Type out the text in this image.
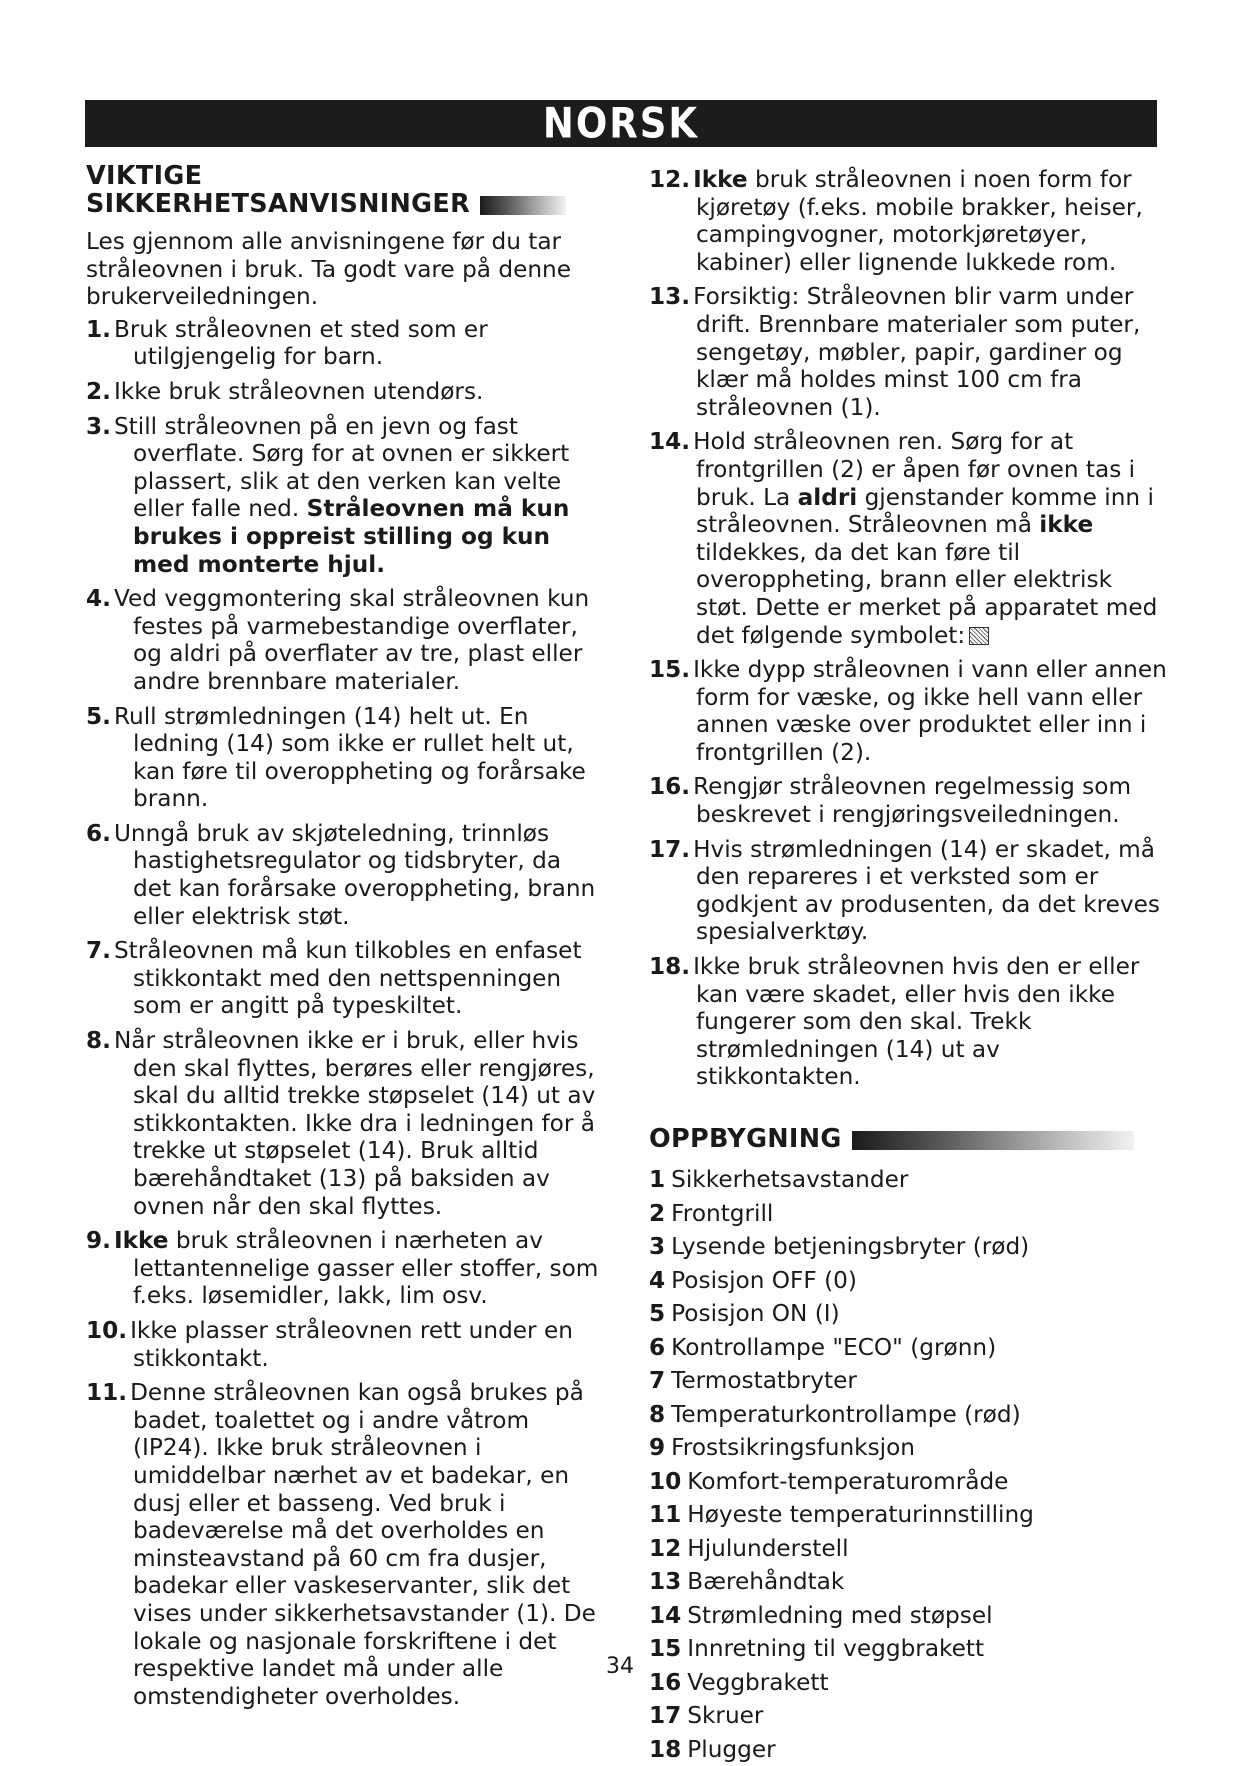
NORSK
VIKTIGE
SIKKERHETSANVISNINGER

Les gjennom alle anvisningene før du tar stråleovnen i bruk. Ta godt vare på denne brukerveiledningen.

1. Bruk stråleovnen et sted som er utilgjengelig for barn.
2. Ikke bruk stråleovnen utendørs.
3. Still stråleovnen på en jevn og fast overflate. Sørg for at ovnen er sikkert plassert, slik at den verken kan velte eller falle ned. Stråleovnen må kun brukes i oppreist stilling og kun med monterte hjul.
4. Ved veggmontering skal stråleovnen kun festes på varmebestandige overflater, og aldri på overflater av tre, plast eller andre brennbare materialer.
5. Rull strømledningen (14) helt ut. En ledning (14) som ikke er rullet helt ut, kan føre til overoppheting og forårsake brann.
6. Unngå bruk av skjøteledning, trinnløs hastighetsregulator og tidsbryter, da det kan forårsake overoppheting, brann eller elektrisk støt.
7. Stråleovnen må kun tilkobles en enfaset stikkontakt med den nettspenningen som er angitt på typeskiltet.
8. Når stråleovnen ikke er i bruk, eller hvis den skal flyttes, berøres eller rengjøres, skal du alltid trekke støpselet (14) ut av stikkontakten. Ikke dra i ledningen for å trekke ut støpselet (14). Bruk alltid bærehåndtaket (13) på baksiden av ovnen når den skal flyttes.
9. Ikke bruk stråleovnen i nærheten av lettantennelige gasser eller stoffer, som f.eks. løsemidler, lakk, lim osv.
10. Ikke plasser stråleovnen rett under en stikkontakt.
11. Denne stråleovnen kan også brukes på badet, toalettet og i andre våtrom (IP24). Ikke bruk stråleovnen i umiddelbar nærhet av et badekar, en dusj eller et basseng. Ved bruk i badeværelse må det overholdes en minsteavstand på 60 cm fra dusjer, badekar eller vaskeservanter, slik det vises under sikkerhetsavstander (1). De lokale og nasjonale forskriftene i det respektive landet må under alle omstendigheter overholdes.
12. Ikke bruk stråleovnen i noen form for kjøretøy (f.eks. mobile brakker, heiser, campingvogner, motorkjøretøyer, kabiner) eller lignende lukkede rom.
13. Forsiktig: Stråleovnen blir varm under drift. Brennbare materialer som puter, sengetøy, møbler, papir, gardiner og klær må holdes minst 100 cm fra stråleovnen (1).
14. Hold stråleovnen ren. Sørg for at frontgrillen (2) er åpen før ovnen tas i bruk. La aldri gjenstander komme inn i stråleovnen. Stråleovnen må ikke tildekkes, da det kan føre til overoppheting, brann eller elektrisk støt. Dette er merket på apparatet med det følgende symbolet:
15. Ikke dypp stråleovnen i vann eller annen form for væske, og ikke hell vann eller annen væske over produktet eller inn i frontgrillen (2).
16. Rengjør stråleovnen regelmessig som beskrevet i rengjøringsveiledningen.
17. Hvis strømledningen (14) er skadet, må den repareres i et verksted som er godkjent av produsenten, da det kreves spesialverktøy.
18. Ikke bruk stråleovnen hvis den er eller kan være skadet, eller hvis den ikke fungerer som den skal. Trekk strømledningen (14) ut av stikkontakten.
OPPBYGNING
1 Sikkerhetsavstander
2 Frontgrill
3 Lysende betjeningsbryter (rød)
4 Posisjon OFF (0)
5 Posisjon ON (I)
6 Kontrollampe "ECO" (grønn)
7 Termostatbryter
8 Temperaturkontrollampe (rød)
9 Frostsikringsfunksjon
10 Komfort-temperaturområde
11 Høyeste temperaturinnstilling
12 Hjulunderstell
13 Bærehåndtak
14 Strømledning med støpsel
15 Innretning til veggbrakett
16 Veggbrakett
17 Skruer
18 Plugger
34
